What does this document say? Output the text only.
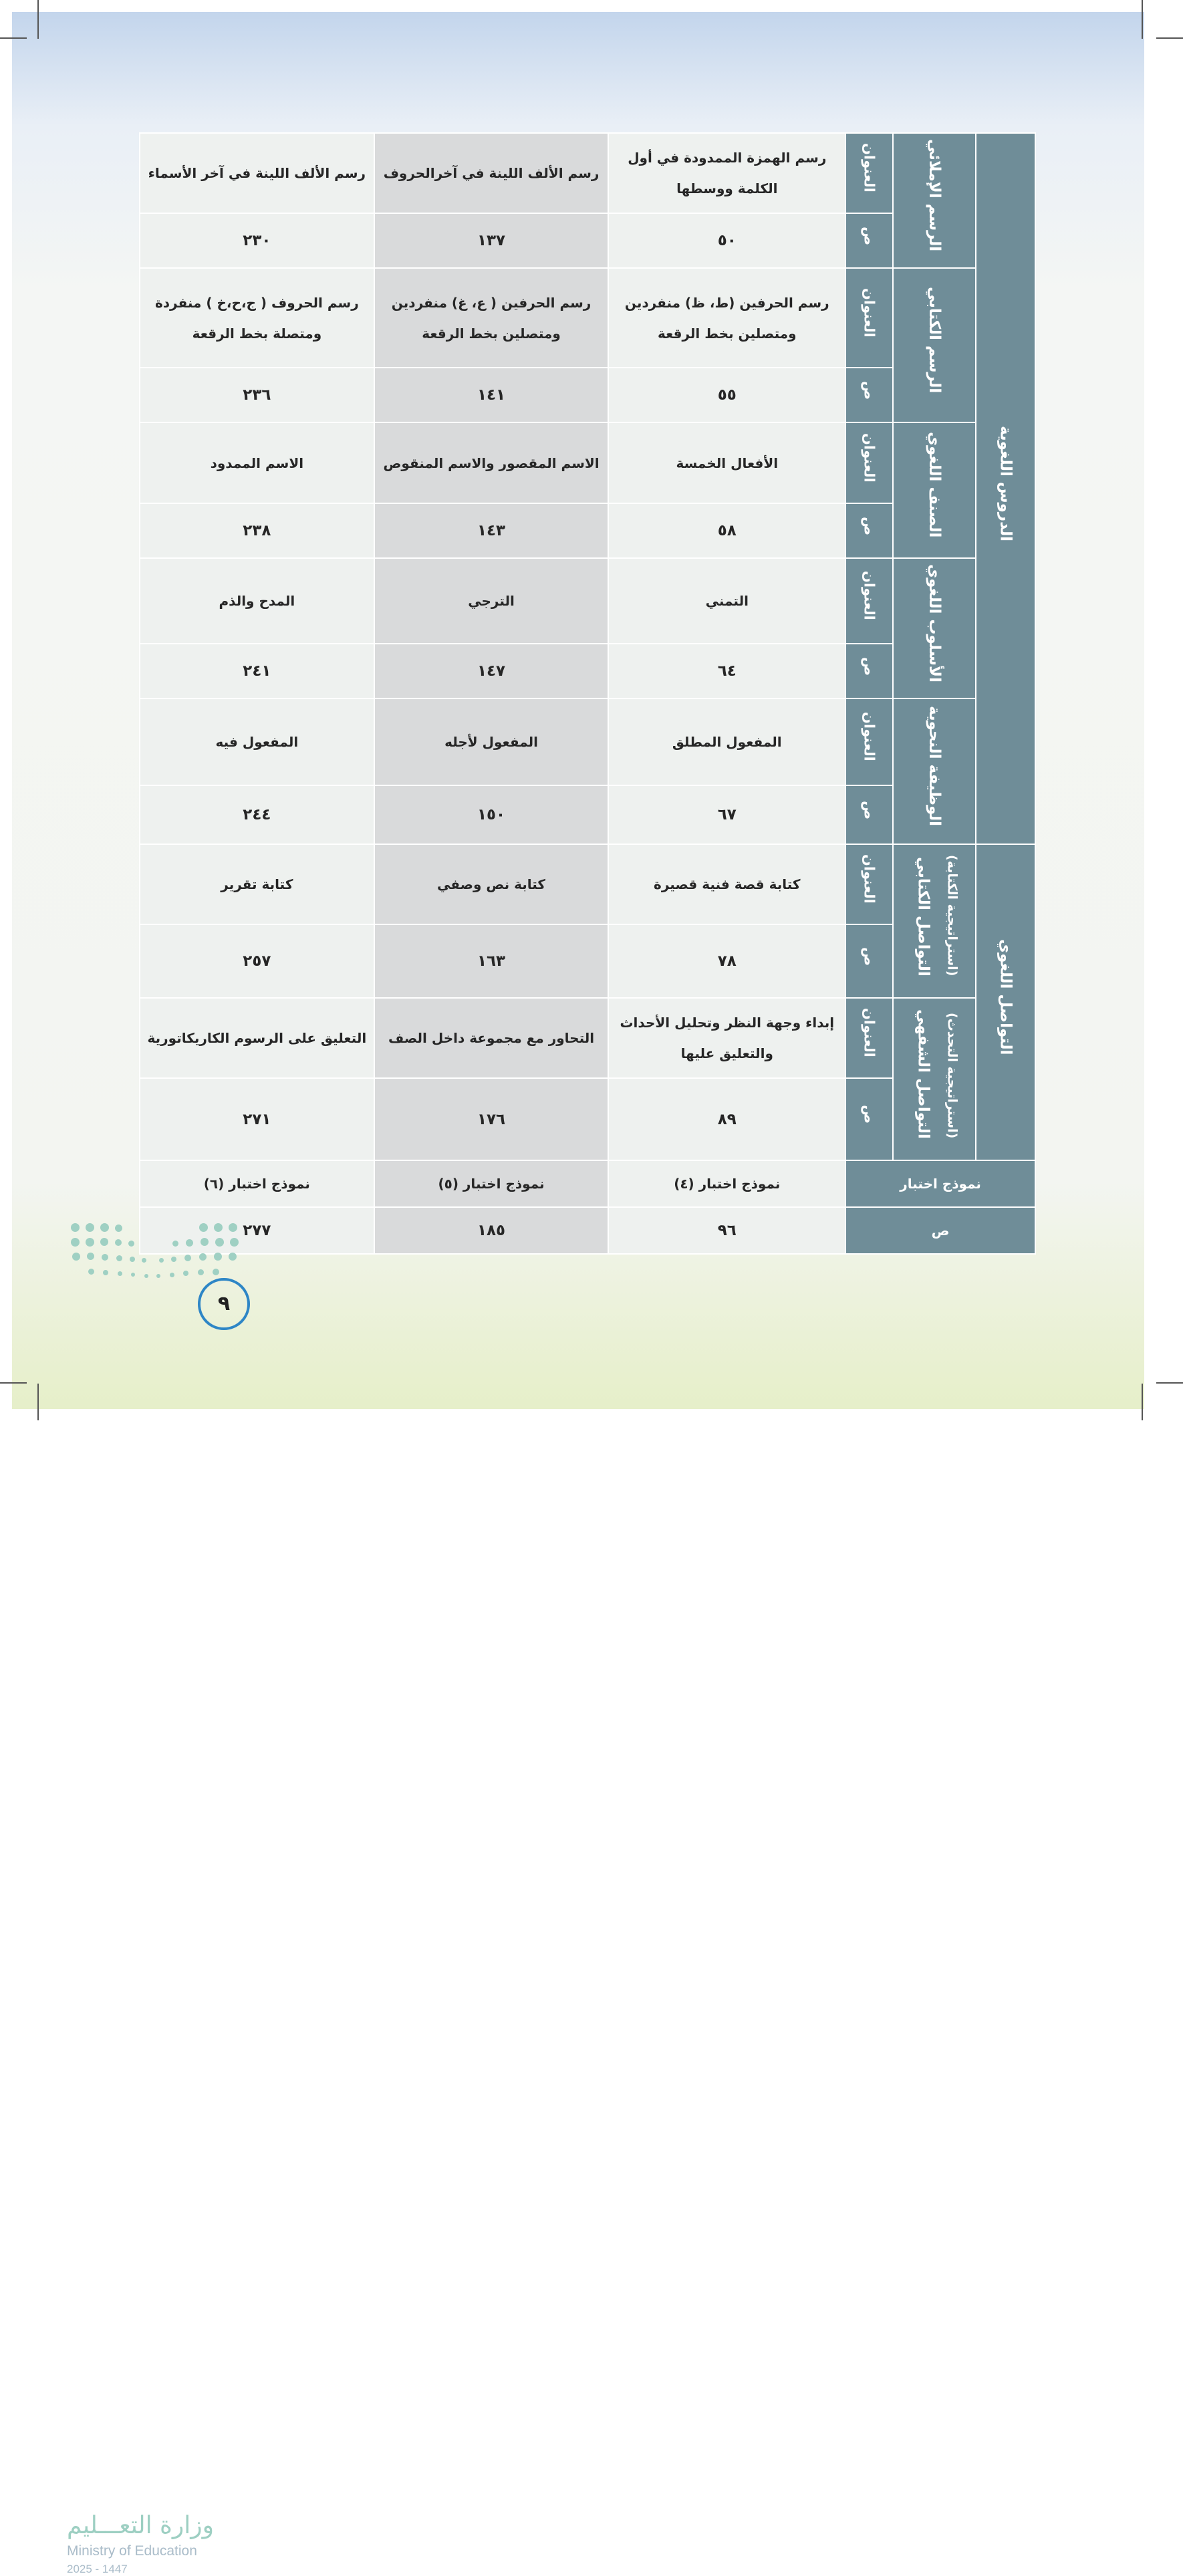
رسم الألف اللينة في آخر الأسماء	رسم الألف اللينة في آخرالحروف	رسم الهمزة الممدودة في أول الكلمة ووسطها	العنوان	الرسم الإملائي	الدروس اللغوية
٢٣٠	١٣٧	٥٠	ص		
رسم الحروف ( ج،ح،خ ) منفردة ومتصلة بخط الرقعة	رسم الحرفين ( ع، غ) منفردين ومتصلين بخط الرقعة	رسم الحرفين (ط، ظ) منفردين ومتصلين بخط الرقعة	العنوان	الرسم الكتابي	
٢٣٦	١٤١	٥٥	ص		
الاسم الممدود	الاسم المقصور والاسم المنقوص	الأفعال الخمسة	العنوان	الصنف اللغوي	
٢٣٨	١٤٣	٥٨	ص		
المدح والذم	الترجي	التمني	العنوان	الأسلوب اللغوي	
٢٤١	١٤٧	٦٤	ص		
المفعول فيه	المفعول لأجله	المفعول المطلق	العنوان	الوظيفة النحوية	
٢٤٤	١٥٠	٦٧	ص		
كتابة تقرير	كتابة نص وصفي	كتابة قصة فنية قصيرة	العنوان	التواصل الكتابي (استراتيجية الكتابة)	التواصل اللغوي
٢٥٧	١٦٣	٧٨	ص		
التعليق على الرسوم الكاريكاتورية	التحاور مع مجموعة داخل الصف	إبداء وجهة النظر وتحليل الأحداث والتعليق عليها	العنوان	التواصل الشفهي (استراتيجية التحدث)	
٢٧١	١٧٦	٨٩	ص		
نموذج اختبار (٦)	نموذج اختبار (٥)	نموذج اختبار (٤)	نموذج اختبار		
٢٧٧	١٨٥	٩٦	ص		
وزارة التعـــليم
Ministry of Education
2025 - 1447
٩
